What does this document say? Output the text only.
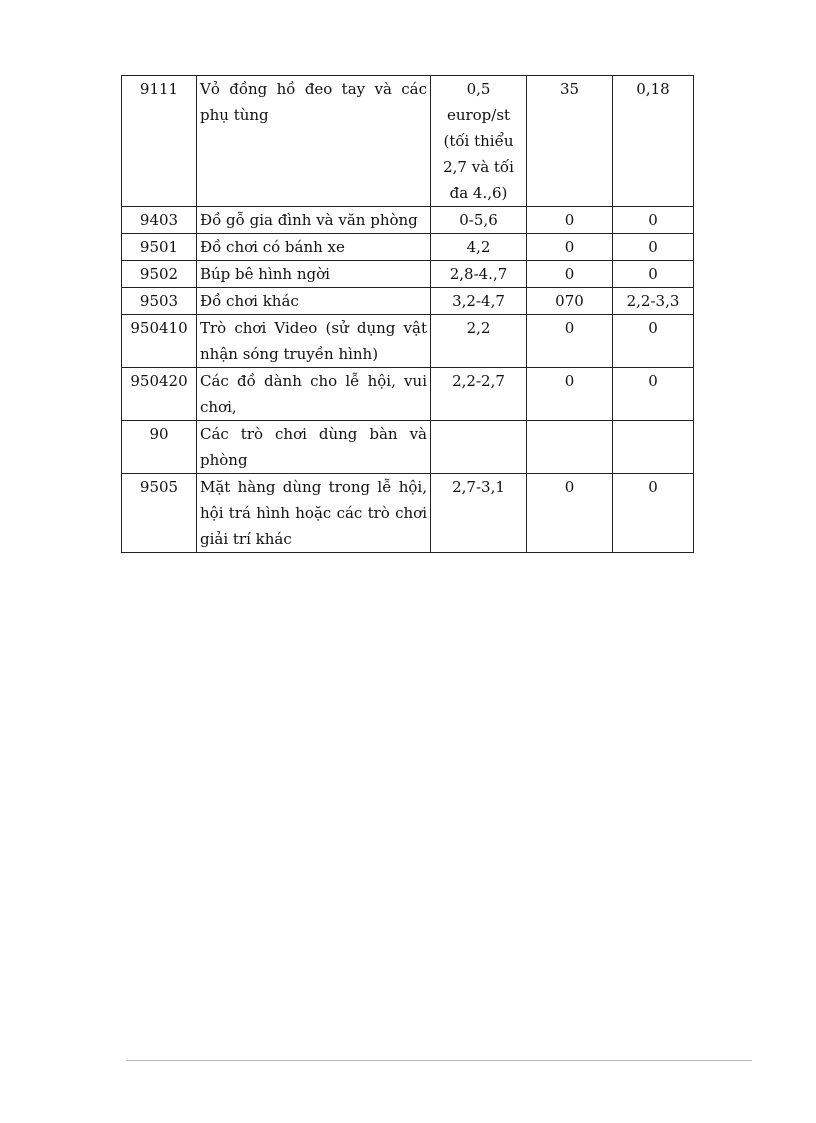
9111	Vỏ đồng hồ đeo tay và các phụ tùng	0,5 europ/st (tối thiểu 2,7 và tối đa 4.,6)	35	0,18
9403	Đồ gỗ gia đình và văn phòng	0-5,6	0	0
9501	Đồ chơi có bánh xe	4,2	0	0
9502	Búp bê hình ngời	2,8-4.,7	0	0
9503	Đồ chơi khác	3,2-4,7	070	2,2-3,3
950410	Trò chơi Video (sử dụng vật nhận sóng truyền hình)	2,2	0	0
950420	Các đồ dành cho lễ hội, vui chơi,	2,2-2,7	0	0
90	Các trò chơi dùng bàn và phòng			
9505	Mặt hàng dùng trong lễ hội, hội trá hình hoặc các trò chơi giải trí khác	2,7-3,1	0	0
